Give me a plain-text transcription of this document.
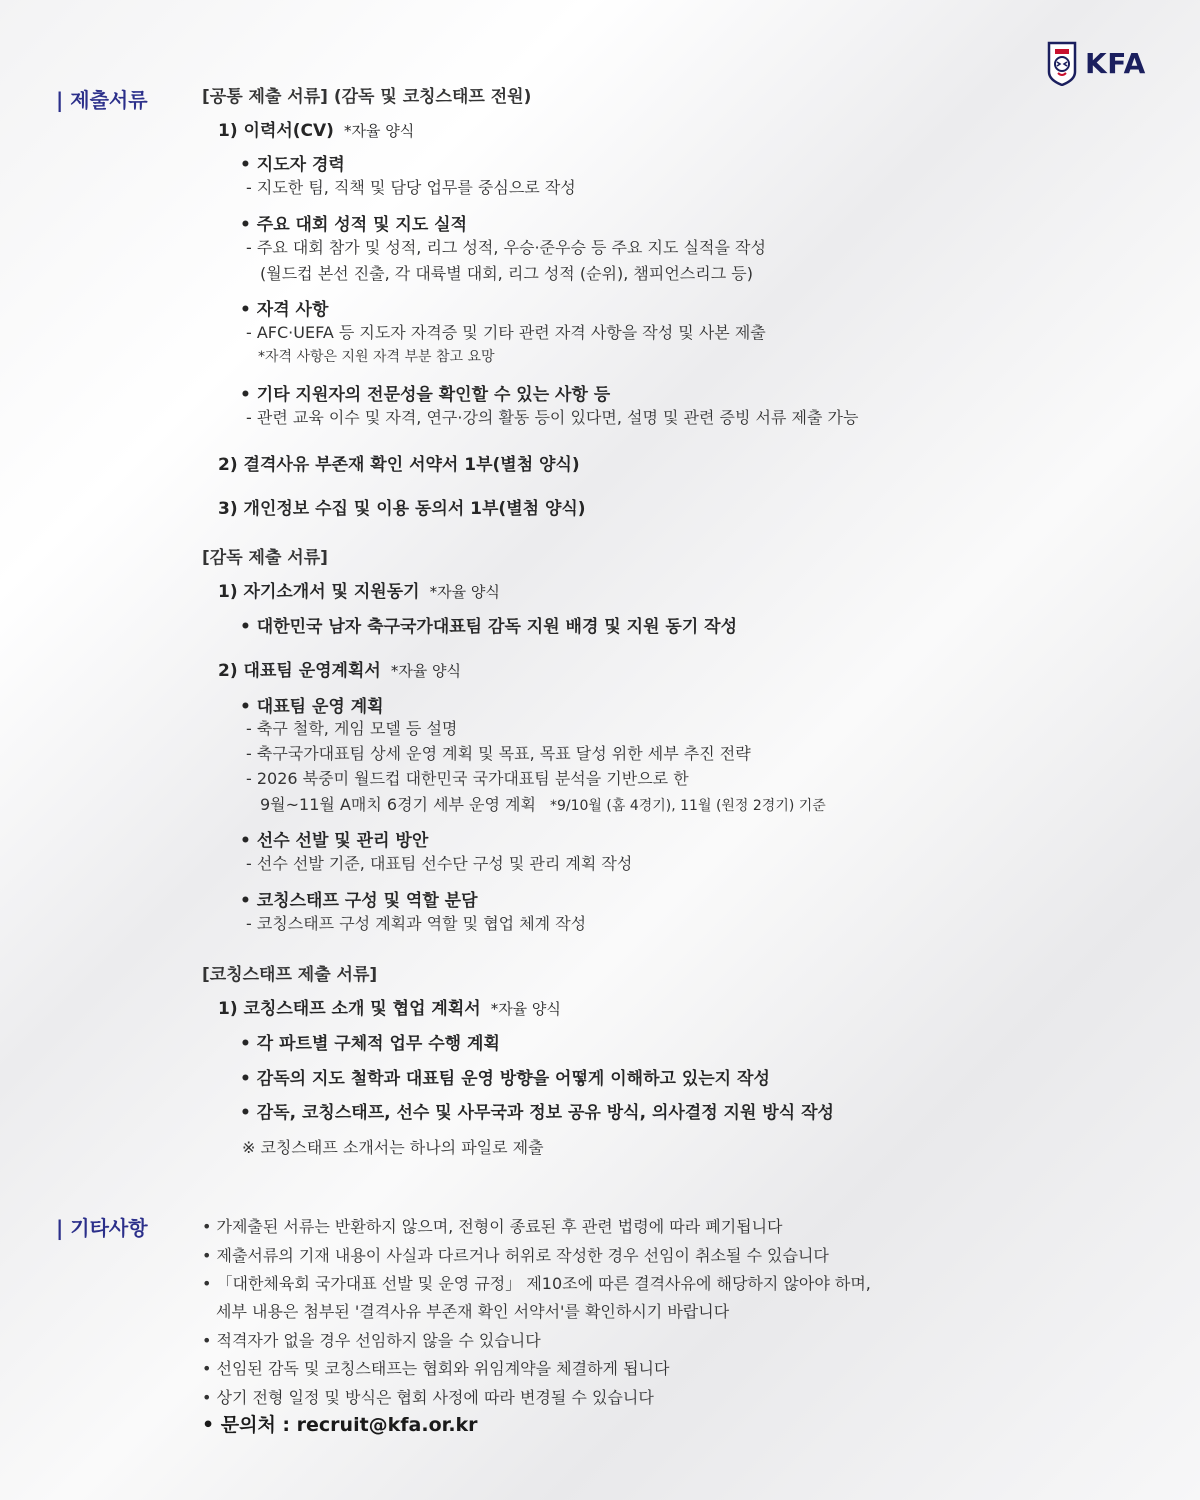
KFA
| 제출서류
| 기타사항
[공통 제출 서류] (감독 및 코칭스태프 전원)
1) 이력서(CV) *자율 양식
• 지도자 경력
- 지도한 팀, 직책 및 담당 업무를 중심으로 작성
• 주요 대회 성적 및 지도 실적
- 주요 대회 참가 및 성적, 리그 성적, 우승·준우승 등 주요 지도 실적을 작성
(월드컵 본선 진출, 각 대륙별 대회, 리그 성적 (순위), 챔피언스리그 등)
• 자격 사항
- AFC·UEFA 등 지도자 자격증 및 기타 관련 자격 사항을 작성 및 사본 제출
*자격 사항은 지원 자격 부분 참고 요망
• 기타 지원자의 전문성을 확인할 수 있는 사항 등
- 관련 교육 이수 및 자격, 연구·강의 활동 등이 있다면, 설명 및 관련 증빙 서류 제출 가능
2) 결격사유 부존재 확인 서약서 1부(별첨 양식)
3) 개인정보 수집 및 이용 동의서 1부(별첨 양식)
[감독 제출 서류]
1) 자기소개서 및 지원동기 *자율 양식
• 대한민국 남자 축구국가대표팀 감독 지원 배경 및 지원 동기 작성
2) 대표팀 운영계획서 *자율 양식
• 대표팀 운영 계획
- 축구 철학, 게임 모델 등 설명
- 축구국가대표팀 상세 운영 계획 및 목표, 목표 달성 위한 세부 추진 전략
- 2026 북중미 월드컵 대한민국 국가대표팀 분석을 기반으로 한
9월~11월 A매치 6경기 세부 운영 계획 *9/10월 (홈 4경기), 11월 (원정 2경기) 기준
• 선수 선발 및 관리 방안
- 선수 선발 기준, 대표팀 선수단 구성 및 관리 계획 작성
• 코칭스태프 구성 및 역할 분담
- 코칭스태프 구성 계획과 역할 및 협업 체계 작성
[코칭스태프 제출 서류]
1) 코칭스태프 소개 및 협업 계획서 *자율 양식
• 각 파트별 구체적 업무 수행 계획
• 감독의 지도 철학과 대표팀 운영 방향을 어떻게 이해하고 있는지 작성
• 감독, 코칭스태프, 선수 및 사무국과 정보 공유 방식, 의사결정 지원 방식 작성
※ 코칭스태프 소개서는 하나의 파일로 제출
• 가제출된 서류는 반환하지 않으며, 전형이 종료된 후 관련 법령에 따라 폐기됩니다
• 제출서류의 기재 내용이 사실과 다르거나 허위로 작성한 경우 선임이 취소될 수 있습니다
• 「대한체육회 국가대표 선발 및 운영 규정」 제10조에 따른 결격사유에 해당하지 않아야 하며,
세부 내용은 첨부된 '결격사유 부존재 확인 서약서'를 확인하시기 바랍니다
• 적격자가 없을 경우 선임하지 않을 수 있습니다
• 선임된 감독 및 코칭스태프는 협회와 위임계약을 체결하게 됩니다
• 상기 전형 일정 및 방식은 협회 사정에 따라 변경될 수 있습니다
• 문의처 : recruit@kfa.or.kr
